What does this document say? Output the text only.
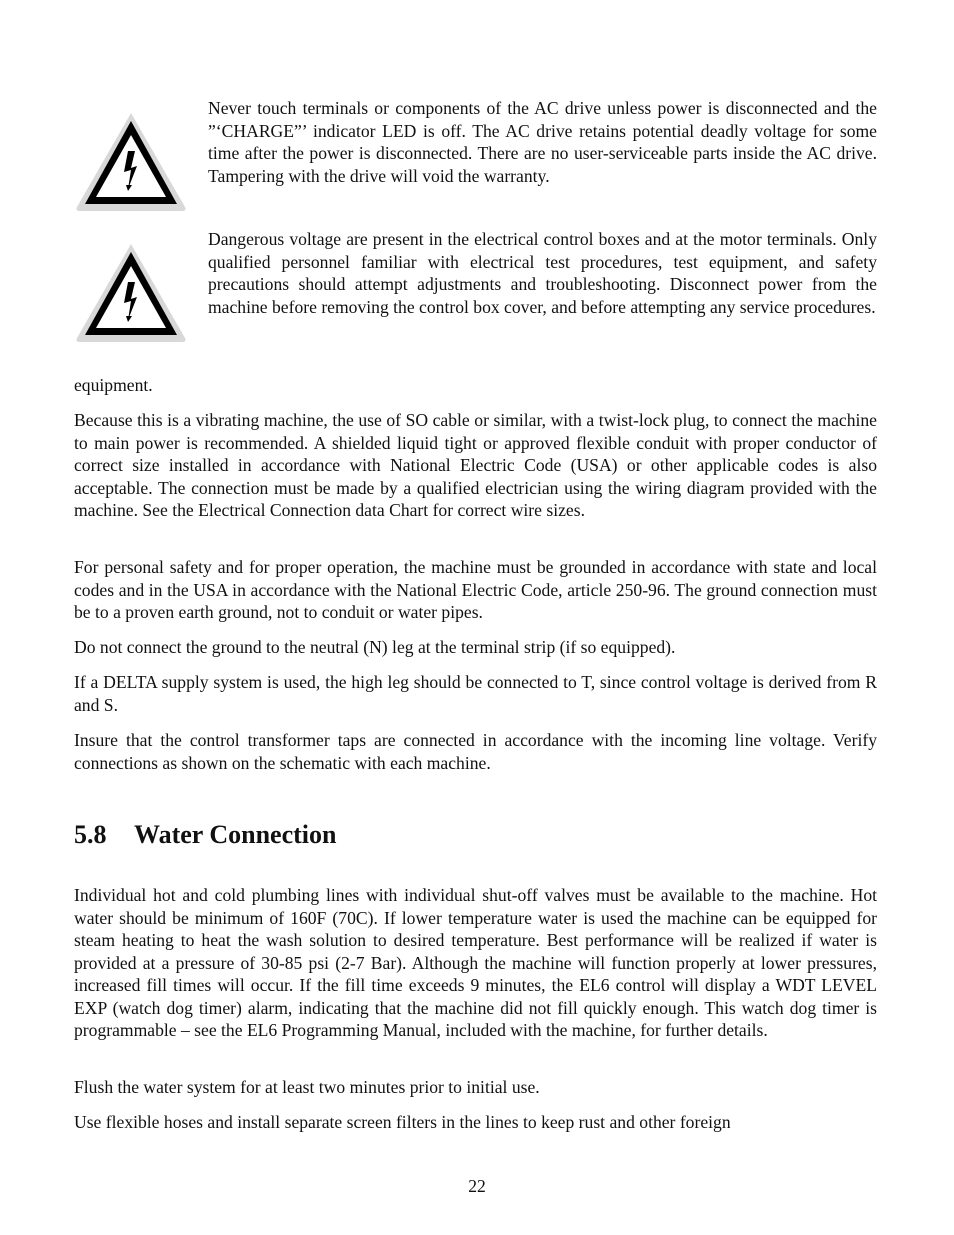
Never touch terminals or components of the AC drive unless power is disconnected and the ”‘CHARGE”’ indicator LED is off. The AC drive retains potential deadly voltage for some time after the power is disconnected. There are no user-serviceable parts inside the AC drive. Tampering with the drive will void the warranty.

Dangerous voltage are present in the electrical control boxes and at the motor terminals. Only qualified personnel familiar with electrical test procedures, test equipment, and safety precautions should attempt adjustments and troubleshooting. Disconnect power from the machine before removing the control box cover, and before attempting any service procedures.

equipment.

Because this is a vibrating machine, the use of SO cable or similar, with a twist-lock plug, to connect the machine to main power is recommended. A shielded liquid tight or approved flexible conduit with proper conductor of correct size installed in accordance with National Electric Code (USA) or other applicable codes is also acceptable. The connection must be made by a qualified electrician using the wiring diagram provided with the machine. See the Electrical Connection data Chart for correct wire sizes.

For personal safety and for proper operation, the machine must be grounded in accordance with state and local codes and in the USA in accordance with the National Electric Code, article 250-96. The ground connection must be to a proven earth ground, not to conduit or water pipes.

Do not connect the ground to the neutral (N) leg at the terminal strip (if so equipped).

If a DELTA supply system is used, the high leg should be connected to T, since control voltage is derived from R and S.

Insure that the control transformer taps are connected in accordance with the incoming line voltage. Verify connections as shown on the schematic with each machine.

5.8 Water Connection

Individual hot and cold plumbing lines with individual shut-off valves must be available to the machine. Hot water should be minimum of 160F (70C). If lower temperature water is used the machine can be equipped for steam heating to heat the wash solution to desired temperature. Best performance will be realized if water is provided at a pressure of 30-85 psi (2-7 Bar). Although the machine will function properly at lower pressures, increased fill times will occur. If the fill time exceeds 9 minutes, the EL6 control will display a WDT LEVEL EXP (watch dog timer) alarm, indicating that the machine did not fill quickly enough. This watch dog timer is programmable – see the EL6 Programming Manual, included with the machine, for further details.

Flush the water system for at least two minutes prior to initial use.

Use flexible hoses and install separate screen filters in the lines to keep rust and other foreign

22
